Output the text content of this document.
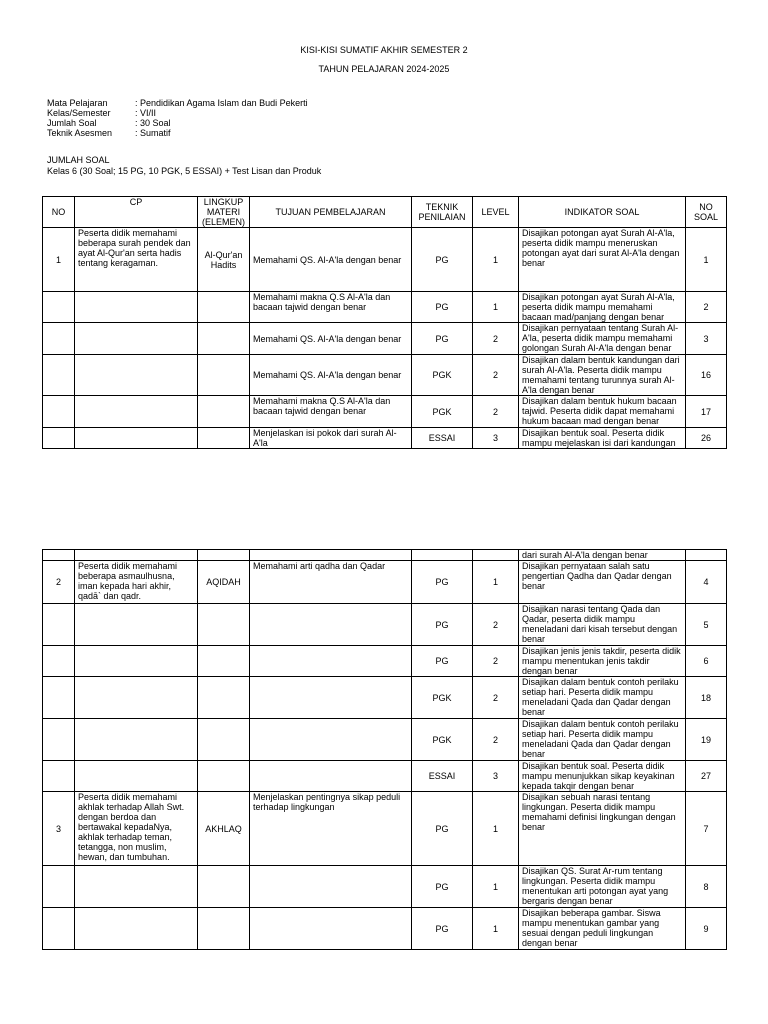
KISI-KISI SUMATIF AKHIR SEMESTER 2
TAHUN PELAJARAN 2024-2025
Mata Pelajaran	: Pendidikan Agama Islam dan Budi Pekerti
Kelas/Semester	: VI/II
Jumlah Soal	: 30 Soal
Teknik Asesmen	: Sumatif
JUMLAH SOAL
Kelas 6 (30 Soal; 15 PG, 10 PGK, 5 ESSAI) + Test Lisan dan Produk
NO	CP	LINGKUP MATERI (ELEMEN)	TUJUAN PEMBELAJARAN	TEKNIK PENILAIAN	LEVEL	INDIKATOR SOAL	NO SOAL
1	Peserta didik memahami beberapa surah pendek dan ayat Al-Qur'an serta hadis tentang keragaman.	Al-Qur'an Hadits	Memahami QS. Al-A'la dengan benar	PG	1	Disajikan potongan ayat Surah Al-A'la, peserta didik mampu meneruskan potongan ayat dari surat Al-A'la dengan benar	1
			Memahami makna Q.S Al-A'la dan bacaan tajwid dengan benar	PG	1	Disajikan potongan ayat Surah Al-A'la, peserta didik mampu memahami bacaan mad/panjang dengan benar	2
			Memahami QS. Al-A'la dengan benar	PG	2	Disajikan pernyataan tentang Surah Al-A'la, peserta didik mampu memahami golongan Surah Al-A'la dengan benar	3
			Memahami QS. Al-A'la dengan benar	PGK	2	Disajikan dalam bentuk kandungan dari surah Al-A'la. Peserta didik mampu memahami tentang turunnya surah Al-A'la dengan benar	16
			Memahami makna Q.S Al-A'la dan bacaan tajwid dengan benar	PGK	2	Disajikan dalam bentuk hukum bacaan tajwid. Peserta didik dapat memahami hukum bacaan mad dengan benar	17
			Menjelaskan isi pokok dari surah Al-A'la	ESSAI	3	Disajikan bentuk soal. Peserta didik mampu mejelaskan isi dari kandungan	26
						dari surah Al-A'la dengan benar	
2	Peserta didik memahami beberapa asmaulhusna, iman kepada hari akhir, qadā` dan qadr.	AQIDAH	Memahami arti qadha dan Qadar	PG	1	Disajikan pernyataan salah satu pengertian Qadha dan Qadar dengan benar	4
				PG	2	Disajikan narasi tentang Qada dan Qadar, peserta didik mampu meneladani dari kisah tersebut dengan benar	5
				PG	2	Disajikan jenis jenis takdir, peserta didik mampu menentukan jenis takdir dengan benar	6
				PGK	2	Disajikan dalam bentuk contoh perilaku setiap hari. Peserta didik mampu meneladani Qada dan Qadar dengan benar	18
				PGK	2	Disajikan dalam bentuk contoh perilaku setiap hari. Peserta didik mampu meneladani Qada dan Qadar dengan benar	19
				ESSAI	3	Disajikan bentuk soal. Peserta didik mampu menunjukkan sikap keyakinan kepada takqir dengan benar	27
3	Peserta didik memahami akhlak terhadap Allah Swt. dengan berdoa dan bertawakal kepadaNya, akhlak terhadap teman, tetangga, non muslim, hewan, dan tumbuhan.	AKHLAQ	Menjelaskan pentingnya sikap peduli terhadap lingkungan	PG	1	Disajikan sebuah narasi tentang lingkungan. Peserta didik mampu memahami definisi lingkungan dengan benar	7
				PG	1	Disajikan QS. Surat Ar-rum tentang lingkungan. Peserta didik mampu menentukan arti potongan ayat yang bergaris dengan benar	8
				PG	1	Disajikan beberapa gambar. Siswa mampu menentukan gambar yang sesuai dengan peduli lingkungan dengan benar	9
